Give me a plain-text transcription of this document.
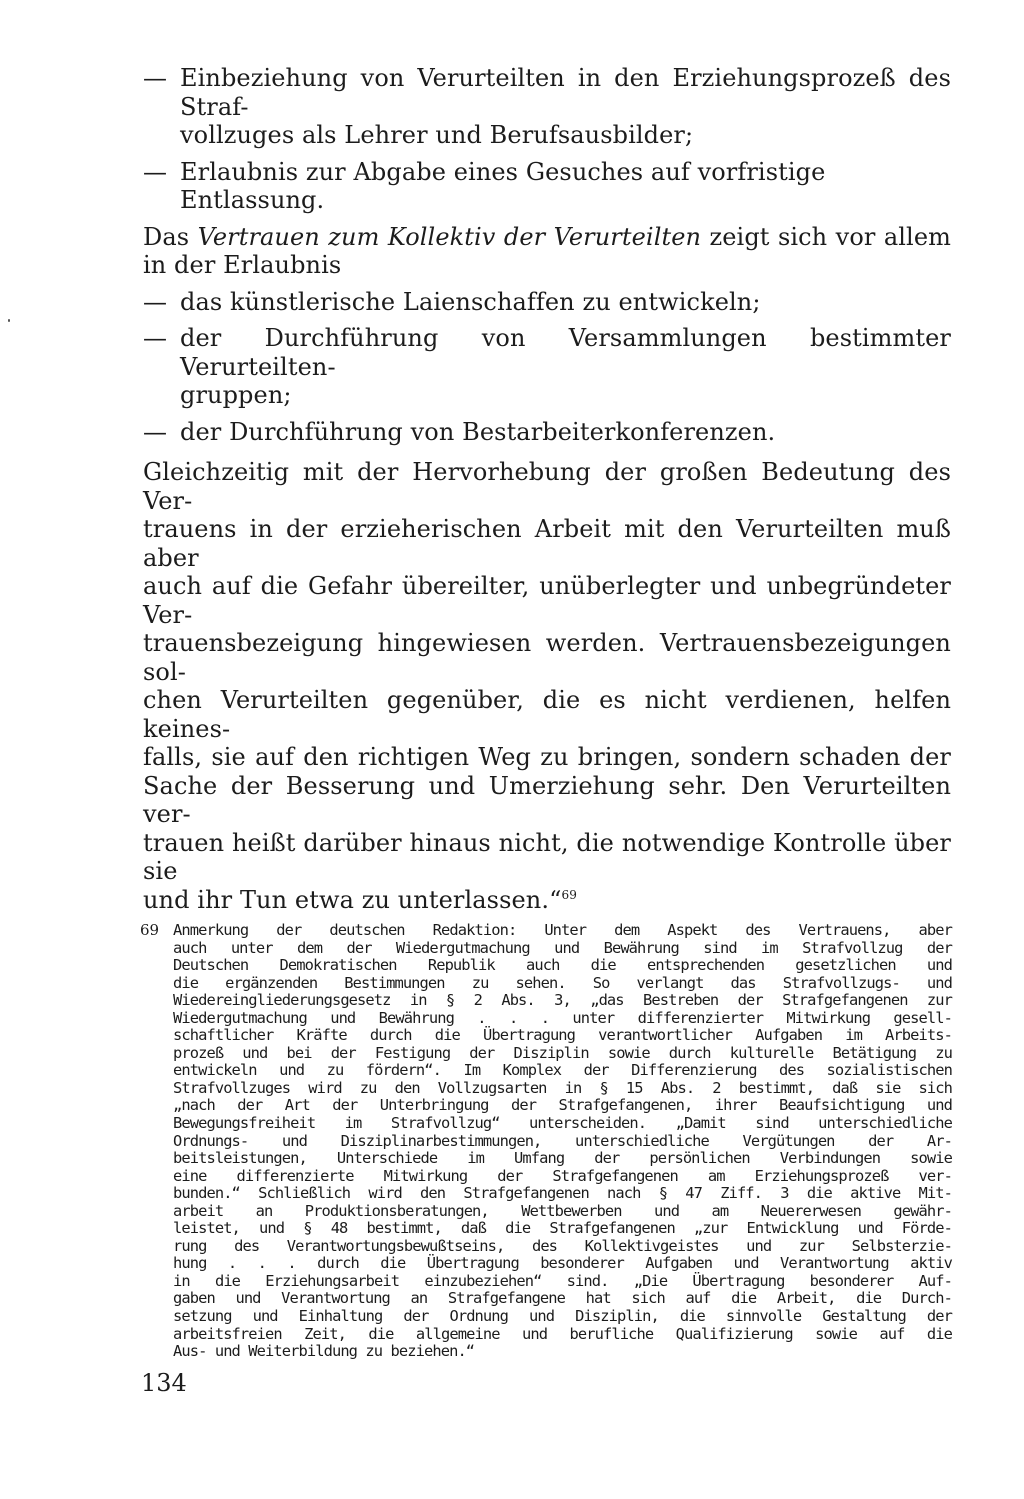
— Einbeziehung von Verurteilten in den Erziehungsprozeß des Straf-
vollzuges als Lehrer und Berufsausbilder;
— Erlaubnis zur Abgabe eines Gesuches auf vorfristige Entlassung.
Das Vertrauen zum Kollektiv der Verurteilten zeigt sich vor allem
in der Erlaubnis
— das künstlerische Laienschaffen zu entwickeln;
— der Durchführung von Versammlungen bestimmter Verurteilten-
gruppen;
— der Durchführung von Bestarbeiterkonferenzen.
Gleichzeitig mit der Hervorhebung der großen Bedeutung des Ver-
trauens in der erzieherischen Arbeit mit den Verurteilten muß aber
auch auf die Gefahr übereilter, unüberlegter und unbegründeter Ver-
trauensbezeigung hingewiesen werden. Vertrauensbezeigungen sol-
chen Verurteilten gegenüber, die es nicht verdienen, helfen keines-
falls, sie auf den richtigen Weg zu bringen, sondern schaden der
Sache der Besserung und Umerziehung sehr. Den Verurteilten ver-
trauen heißt darüber hinaus nicht, die notwendige Kontrolle über sie
und ihr Tun etwa zu unterlassen.“$^{69}$
69 Anmerkung der deutschen Redaktion: Unter dem Aspekt des Vertrauens, aber
auch unter dem der Wiedergutmachung und Bewährung sind im Strafvollzug der
Deutschen Demokratischen Republik auch die entsprechenden gesetzlichen und
die ergänzenden Bestimmungen zu sehen. So verlangt das Strafvollzugs- und
Wiedereingliederungsgesetz in § 2 Abs. 3, „das Bestreben der Strafgefangenen zur
Wiedergutmachung und Bewährung . . . unter differenzierter Mitwirkung gesell-
schaftlicher Kräfte durch die Übertragung verantwortlicher Aufgaben im Arbeits-
prozeß und bei der Festigung der Disziplin sowie durch kulturelle Betätigung zu
entwickeln und zu fördern“. Im Komplex der Differenzierung des sozialistischen
Strafvollzuges wird zu den Vollzugsarten in § 15 Abs. 2 bestimmt, daß sie sich
„nach der Art der Unterbringung der Strafgefangenen, ihrer Beaufsichtigung und
Bewegungsfreiheit im Strafvollzug“ unterscheiden. „Damit sind unterschiedliche
Ordnungs- und Disziplinarbestimmungen, unterschiedliche Vergütungen der Ar-
beitsleistungen, Unterschiede im Umfang der persönlichen Verbindungen sowie
eine differenzierte Mitwirkung der Strafgefangenen am Erziehungsprozeß ver-
bunden.“ Schließlich wird den Strafgefangenen nach § 47 Ziff. 3 die aktive Mit-
arbeit an Produktionsberatungen, Wettbewerben und am Neuererwesen gewähr-
leistet, und § 48 bestimmt, daß die Strafgefangenen „zur Entwicklung und Förde-
rung des Verantwortungsbewußtseins, des Kollektivgeistes und zur Selbsterzie-
hung . . . durch die Übertragung besonderer Aufgaben und Verantwortung aktiv
in die Erziehungsarbeit einzubeziehen“ sind. „Die Übertragung besonderer Auf-
gaben und Verantwortung an Strafgefangene hat sich auf die Arbeit, die Durch-
setzung und Einhaltung der Ordnung und Disziplin, die sinnvolle Gestaltung der
arbeitsfreien Zeit, die allgemeine und berufliche Qualifizierung sowie auf die
Aus- und Weiterbildung zu beziehen.“
134
